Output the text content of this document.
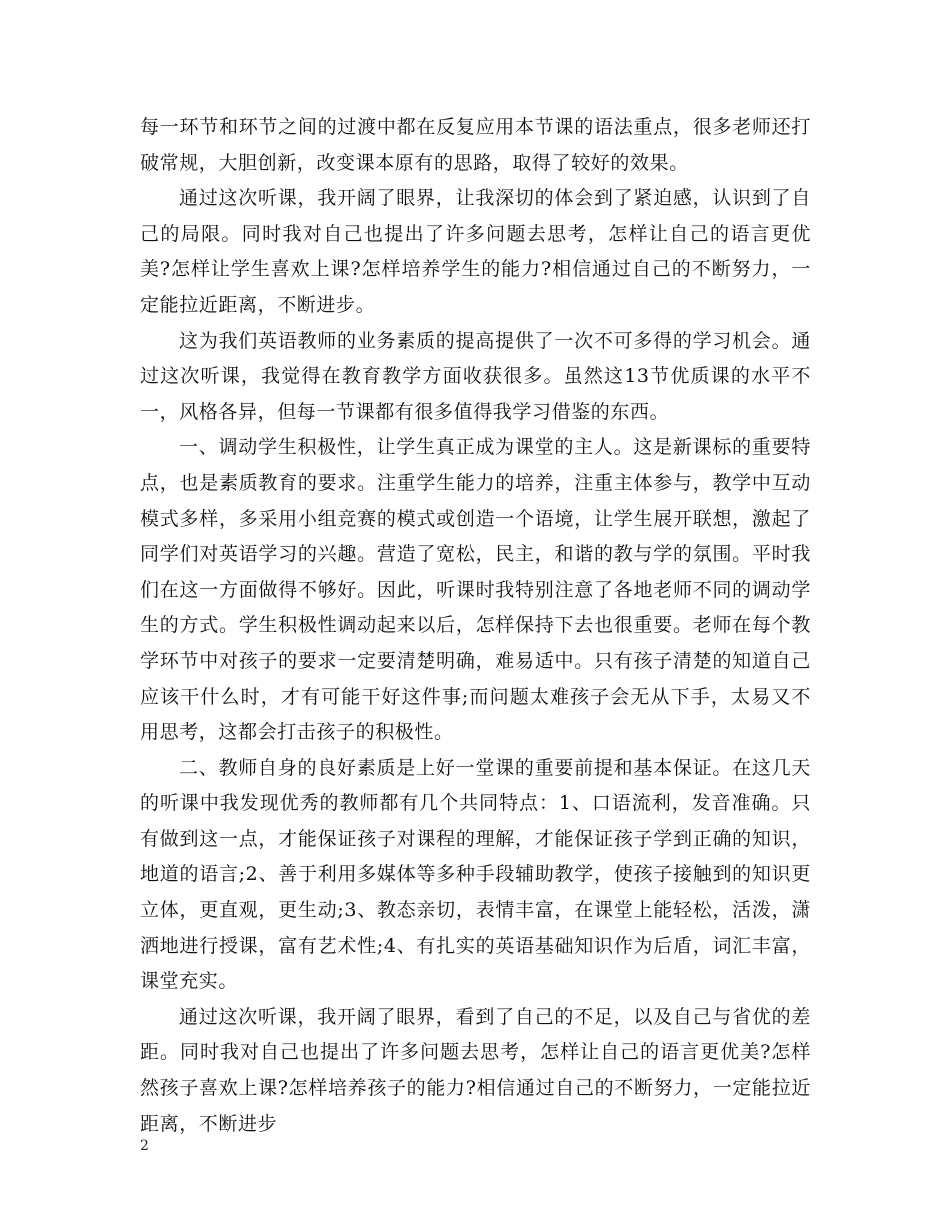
每一环节和环节之间的过渡中都在反复应用本节课的语法重点，很多老师还打破常规，大胆创新，改变课本原有的思路，取得了较好的效果。

通过这次听课，我开阔了眼界，让我深切的体会到了紧迫感，认识到了自己的局限。同时我对自己也提出了许多问题去思考，怎样让自己的语言更优美?怎样让学生喜欢上课?怎样培养学生的能力?相信通过自己的不断努力，一定能拉近距离，不断进步。

这为我们英语教师的业务素质的提高提供了一次不可多得的学习机会。通过这次听课，我觉得在教育教学方面收获很多。虽然这13节优质课的水平不一，风格各异，但每一节课都有很多值得我学习借鉴的东西。

一、调动学生积极性，让学生真正成为课堂的主人。这是新课标的重要特点，也是素质教育的要求。注重学生能力的培养，注重主体参与，教学中互动模式多样，多采用小组竞赛的模式或创造一个语境，让学生展开联想，激起了同学们对英语学习的兴趣。营造了宽松，民主，和谐的教与学的氛围。平时我们在这一方面做得不够好。因此，听课时我特别注意了各地老师不同的调动学生的方式。学生积极性调动起来以后，怎样保持下去也很重要。老师在每个教学环节中对孩子的要求一定要清楚明确，难易适中。只有孩子清楚的知道自己应该干什么时，才有可能干好这件事;而问题太难孩子会无从下手，太易又不用思考，这都会打击孩子的积极性。

二、教师自身的良好素质是上好一堂课的重要前提和基本保证。在这几天的听课中我发现优秀的教师都有几个共同特点：1、口语流利，发音准确。只有做到这一点，才能保证孩子对课程的理解，才能保证孩子学到正确的知识，地道的语言;2、善于利用多媒体等多种手段辅助教学，使孩子接触到的知识更立体，更直观，更生动;3、教态亲切，表情丰富，在课堂上能轻松，活泼，潇洒地进行授课，富有艺术性;4、有扎实的英语基础知识作为后盾，词汇丰富，课堂充实。

通过这次听课，我开阔了眼界，看到了自己的不足，以及自己与省优的差距。同时我对自己也提出了许多问题去思考，怎样让自己的语言更优美?怎样然孩子喜欢上课?怎样培养孩子的能力?相信通过自己的不断努力，一定能拉近距离，不断进步

2
